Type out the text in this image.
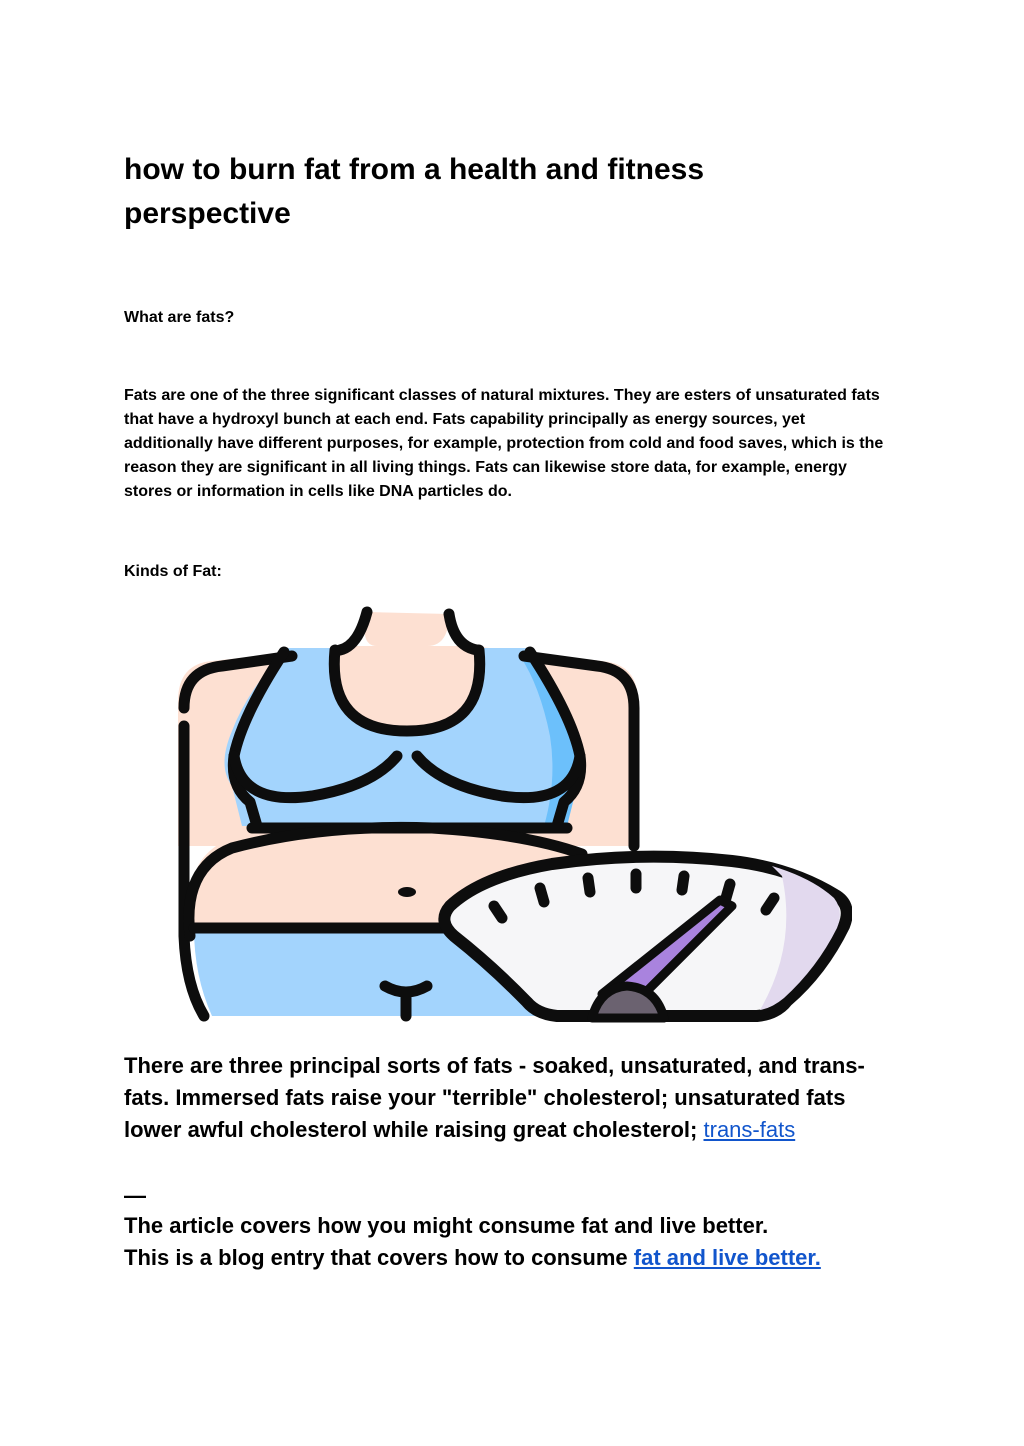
how to burn fat from a health and fitness perspective
What are fats?

Fats are one of the three significant classes of natural mixtures. They are esters of unsaturated fats that have a hydroxyl bunch at each end. Fats capability principally as energy sources, yet additionally have different purposes, for example, protection from cold and food saves, which is the reason they are significant in all living things. Fats can likewise store data, for example, energy stores or information in cells like DNA particles do.

Kinds of Fat:

There are three principal sorts of fats - soaked, unsaturated, and trans-fats. Immersed fats raise your "terrible" cholesterol; unsaturated fats lower awful cholesterol while raising great cholesterol; trans-fats

—

The article covers how you might consume fat and live better.
This is a blog entry that covers how to consume fat and live better.
